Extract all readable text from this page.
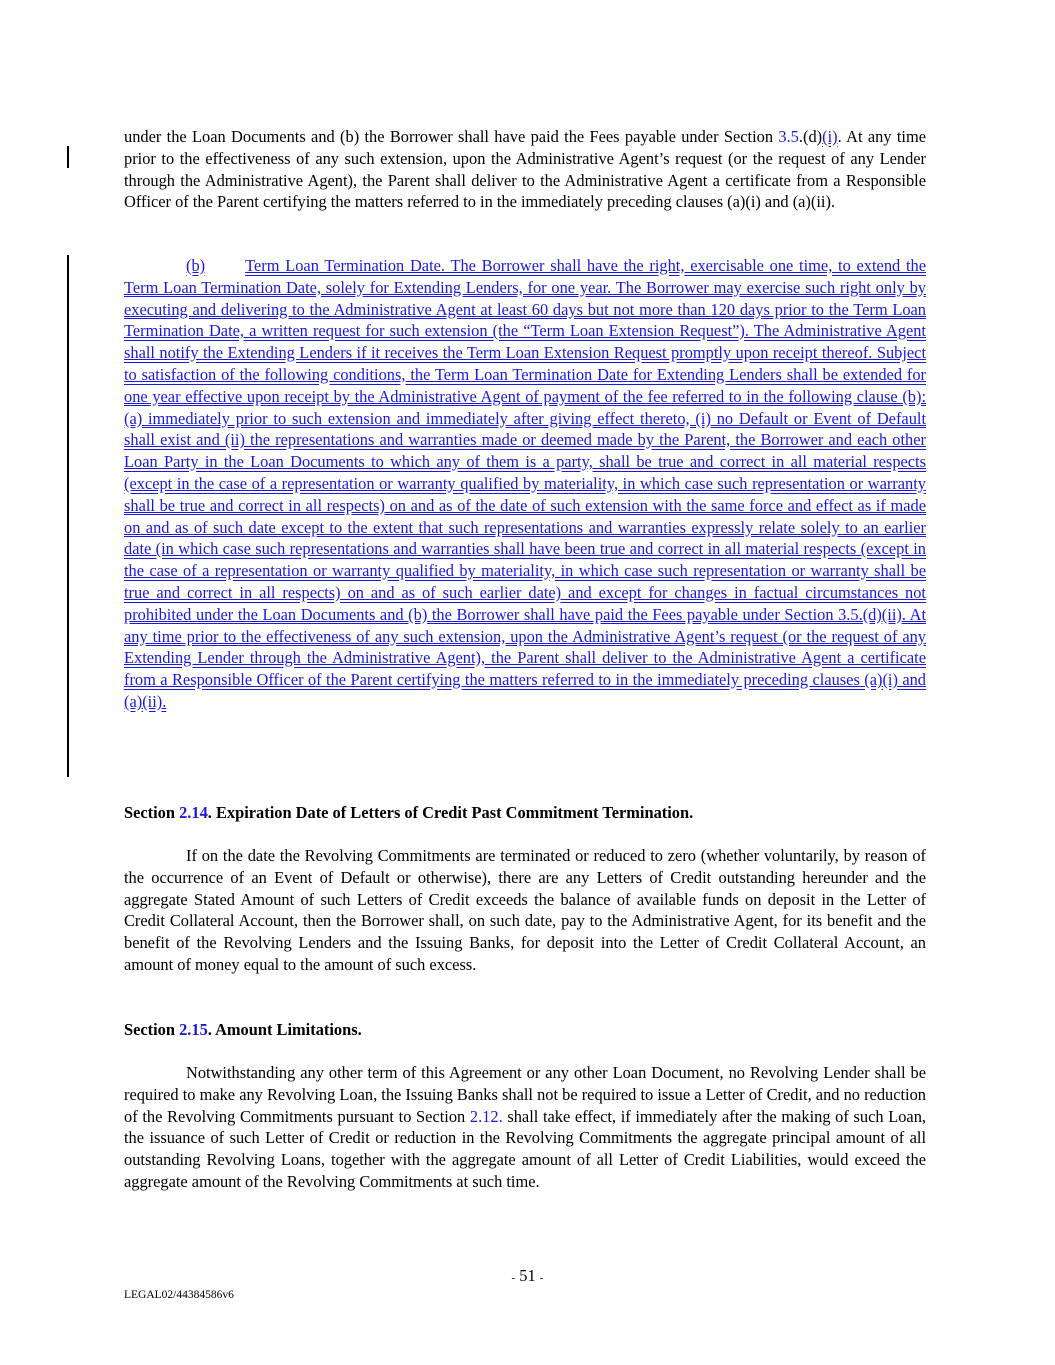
under the Loan Documents and (b) the Borrower shall have paid the Fees payable under Section 3.5.(d)(i). At any time prior to the effectiveness of any such extension, upon the Administrative Agent’s request (or the request of any Lender through the Administrative Agent), the Parent shall deliver to the Administrative Agent a certificate from a Responsible Officer of the Parent certifying the matters referred to in the immediately preceding clauses (a)(i) and (a)(ii).

(b) Term Loan Termination Date. The Borrower shall have the right, exercisable one time, to extend the Term Loan Termination Date, solely for Extending Lenders, for one year. The Borrower may exercise such right only by executing and delivering to the Administrative Agent at least 60 days but not more than 120 days prior to the Term Loan Termination Date, a written request for such extension (the “Term Loan Extension Request”). The Administrative Agent shall notify the Extending Lenders if it receives the Term Loan Extension Request promptly upon receipt thereof. Subject to satisfaction of the following conditions, the Term Loan Termination Date for Extending Lenders shall be extended for one year effective upon receipt by the Administrative Agent of payment of the fee referred to in the following clause (b): (a) immediately prior to such extension and immediately after giving effect thereto, (i) no Default or Event of Default shall exist and (ii) the representations and warranties made or deemed made by the Parent, the Borrower and each other Loan Party in the Loan Documents to which any of them is a party, shall be true and correct in all material respects (except in the case of a representation or warranty qualified by materiality, in which case such representation or warranty shall be true and correct in all respects) on and as of the date of such extension with the same force and effect as if made on and as of such date except to the extent that such representations and warranties expressly relate solely to an earlier date (in which case such representations and warranties shall have been true and correct in all material respects (except in the case of a representation or warranty qualified by materiality, in which case such representation or warranty shall be true and correct in all respects) on and as of such earlier date) and except for changes in factual circumstances not prohibited under the Loan Documents and (b) the Borrower shall have paid the Fees payable under Section 3.5.(d)(ii). At any time prior to the effectiveness of any such extension, upon the Administrative Agent’s request (or the request of any Extending Lender through the Administrative Agent), the Parent shall deliver to the Administrative Agent a certificate from a Responsible Officer of the Parent certifying the matters referred to in the immediately preceding clauses (a)(i) and (a)(ii).

Section 2.14. Expiration Date of Letters of Credit Past Commitment Termination.

If on the date the Revolving Commitments are terminated or reduced to zero (whether voluntarily, by reason of the occurrence of an Event of Default or otherwise), there are any Letters of Credit outstanding hereunder and the aggregate Stated Amount of such Letters of Credit exceeds the balance of available funds on deposit in the Letter of Credit Collateral Account, then the Borrower shall, on such date, pay to the Administrative Agent, for its benefit and the benefit of the Revolving Lenders and the Issuing Banks, for deposit into the Letter of Credit Collateral Account, an amount of money equal to the amount of such excess.

Section 2.15. Amount Limitations.

Notwithstanding any other term of this Agreement or any other Loan Document, no Revolving Lender shall be required to make any Revolving Loan, the Issuing Banks shall not be required to issue a Letter of Credit, and no reduction of the Revolving Commitments pursuant to Section 2.12. shall take effect, if immediately after the making of such Loan, the issuance of such Letter of Credit or reduction in the Revolving Commitments the aggregate principal amount of all outstanding Revolving Loans, together with the aggregate amount of all Letter of Credit Liabilities, would exceed the aggregate amount of the Revolving Commitments at such time.

- 51 -
LEGAL02/44384586v6
